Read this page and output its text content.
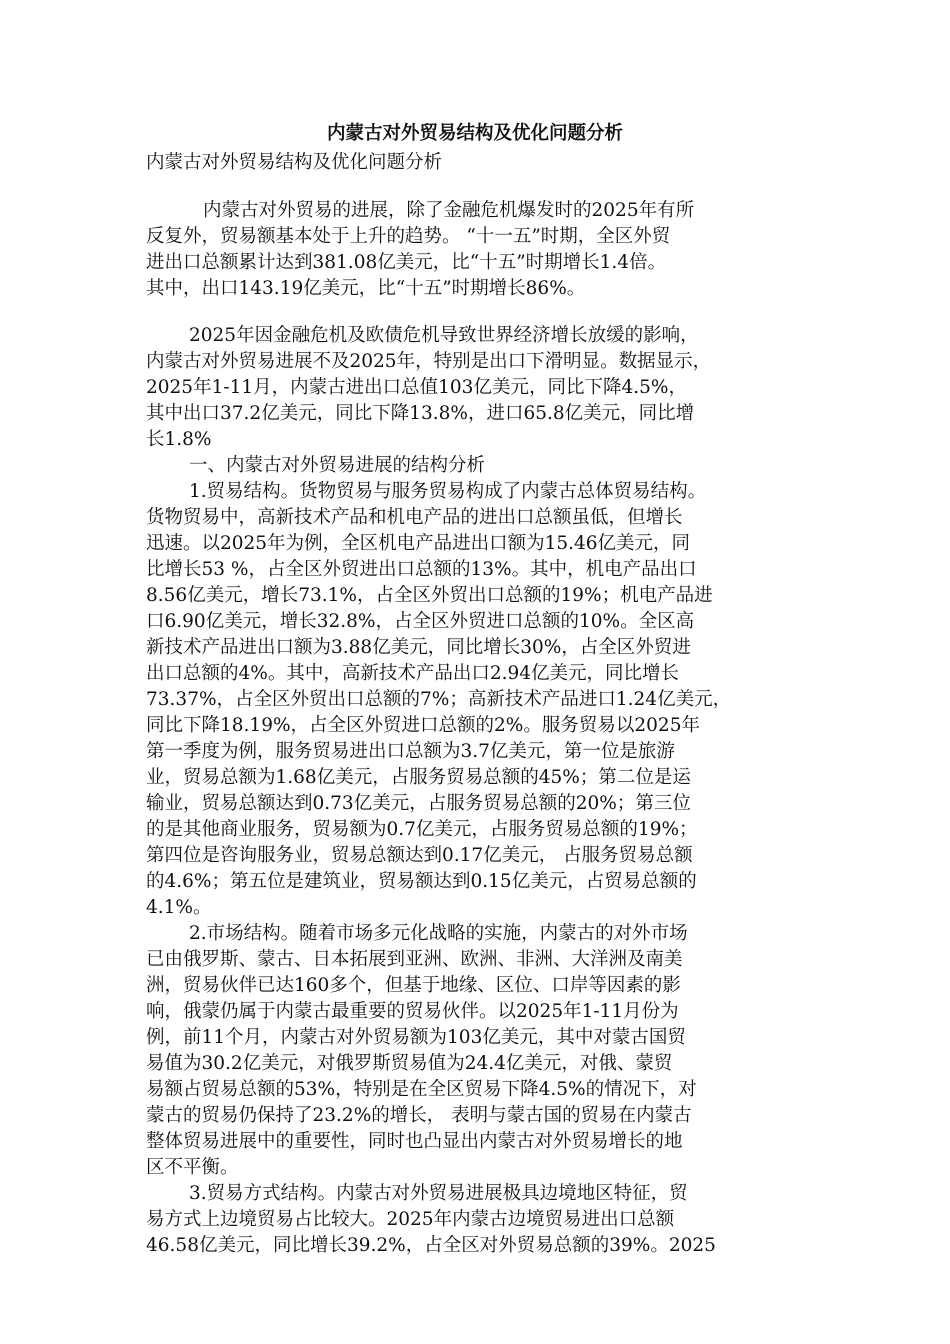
内蒙古对外贸易结构及优化问题分析

内蒙古对外贸易结构及优化问题分析

内蒙古对外贸易的进展，除了金融危机爆发时的2025年有所

反复外，贸易额基本处于上升的趋势。 “十一五”时期，全区外贸

进出口总额累计达到381.08亿美元，比“十五”时期增长1.4倍。

其中，出口143.19亿美元，比“十五”时期增长86%。

2025年因金融危机及欧债危机导致世界经济增长放缓的影响，

内蒙古对外贸易进展不及2025年，特别是出口下滑明显。数据显示，

2025年1-11月，内蒙古进出口总值103亿美元，同比下降4.5%，

其中出口37.2亿美元，同比下降13.8%，进口65.8亿美元，同比增

长1.8%

一、内蒙古对外贸易进展的结构分析

1.贸易结构。货物贸易与服务贸易构成了内蒙古总体贸易结构。

货物贸易中，高新技术产品和机电产品的进出口总额虽低，但增长

迅速。以2025年为例，全区机电产品进出口额为15.46亿美元，同

比增长53 %，占全区外贸进出口总额的13%。其中，机电产品出口

8.56亿美元，增长73.1%，占全区外贸出口总额的19%；机电产品进

口6.90亿美元，增长32.8%，占全区外贸进口总额的10%。全区高

新技术产品进出口额为3.88亿美元，同比增长30%，占全区外贸进

出口总额的4%。其中，高新技术产品出口2.94亿美元，同比增长

73.37%，占全区外贸出口总额的7%；高新技术产品进口1.24亿美元，

同比下降18.19%，占全区外贸进口总额的2%。服务贸易以2025年

第一季度为例，服务贸易进出口总额为3.7亿美元，第一位是旅游

业，贸易总额为1.68亿美元，占服务贸易总额的45%；第二位是运

输业，贸易总额达到0.73亿美元，占服务贸易总额的20%；第三位

的是其他商业服务，贸易额为0.7亿美元，占服务贸易总额的19%；

第四位是咨询服务业，贸易总额达到0.17亿美元， 占服务贸易总额

的4.6%；第五位是建筑业，贸易额达到0.15亿美元，占贸易总额的

4.1%。

2.市场结构。随着市场多元化战略的实施，内蒙古的对外市场

已由俄罗斯、蒙古、日本拓展到亚洲、欧洲、非洲、大洋洲及南美

洲，贸易伙伴已达160多个，但基于地缘、区位、口岸等因素的影

响，俄蒙仍属于内蒙古最重要的贸易伙伴。以2025年1-11月份为

例，前11个月，内蒙古对外贸易额为103亿美元，其中对蒙古国贸

易值为30.2亿美元，对俄罗斯贸易值为24.4亿美元，对俄、蒙贸

易额占贸易总额的53%，特别是在全区贸易下降4.5%的情况下，对

蒙古的贸易仍保持了23.2%的增长， 表明与蒙古国的贸易在内蒙古

整体贸易进展中的重要性，同时也凸显出内蒙古对外贸易增长的地

区不平衡。

3.贸易方式结构。内蒙古对外贸易进展极具边境地区特征，贸

易方式上边境贸易占比较大。2025年内蒙古边境贸易进出口总额

46.58亿美元，同比增长39.2%，占全区对外贸易总额的39%。2025
